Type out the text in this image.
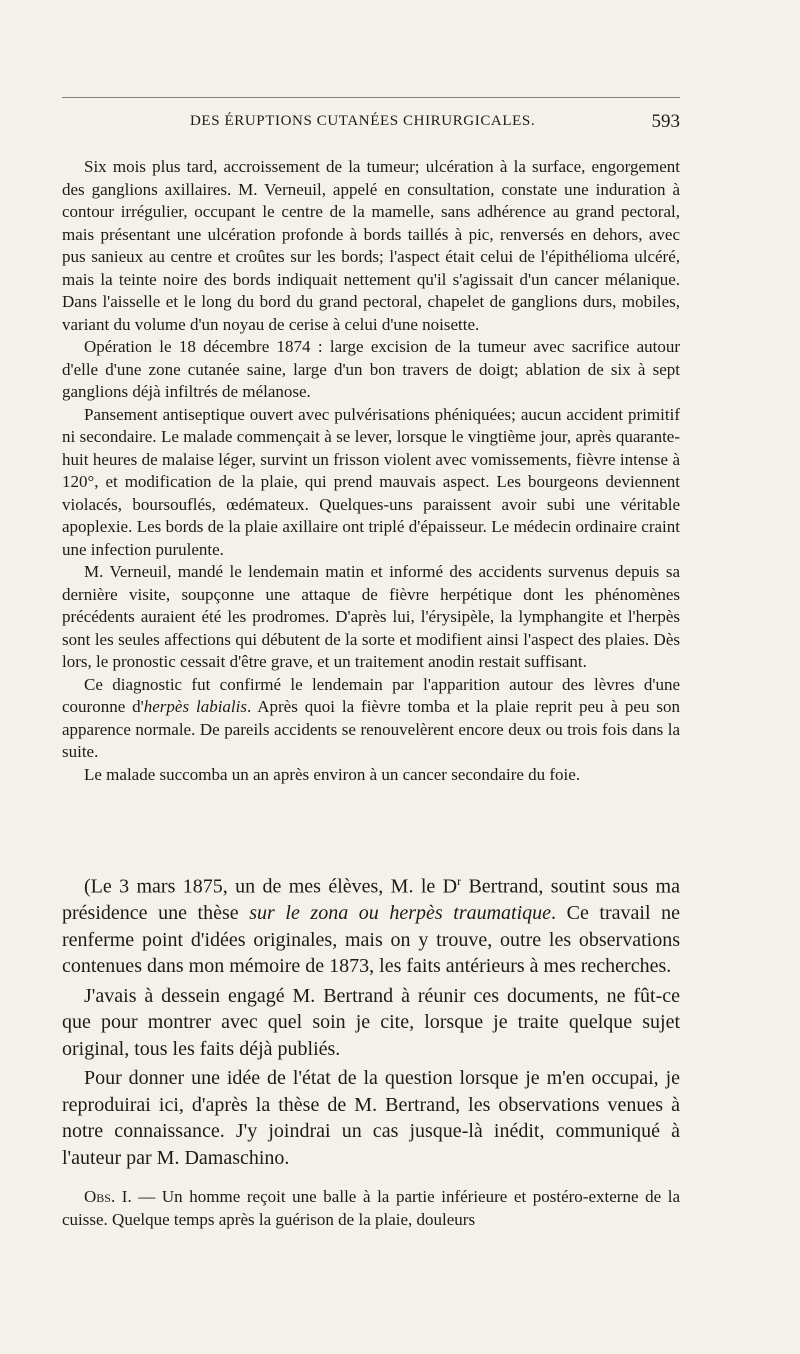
DES ÉRUPTIONS CUTANÉES CHIRURGICALES.	593

Six mois plus tard, accroissement de la tumeur; ulcération à la surface, engorgement des ganglions axillaires. M. Verneuil, appelé en consultation, constate une induration à contour irrégulier, occupant le centre de la mamelle, sans adhérence au grand pectoral, mais présentant une ulcération profonde à bords taillés à pic, renversés en dehors, avec pus sanieux au centre et croûtes sur les bords; l'aspect était celui de l'épithélioma ulcéré, mais la teinte noire des bords indiquait nettement qu'il s'agissait d'un cancer mélanique. Dans l'aisselle et le long du bord du grand pectoral, chapelet de ganglions durs, mobiles, variant du volume d'un noyau de cerise à celui d'une noisette.

Opération le 18 décembre 1874 : large excision de la tumeur avec sacrifice autour d'elle d'une zone cutanée saine, large d'un bon travers de doigt; ablation de six à sept ganglions déjà infiltrés de mélanose.

Pansement antiseptique ouvert avec pulvérisations phéniquées; aucun accident primitif ni secondaire. Le malade commençait à se lever, lorsque le vingtième jour, après quarante-huit heures de malaise léger, survint un frisson violent avec vomissements, fièvre intense à 120°, et modification de la plaie, qui prend mauvais aspect. Les bourgeons deviennent violacés, boursouflés, œdémateux. Quelques-uns paraissent avoir subi une véritable apoplexie. Les bords de la plaie axillaire ont triplé d'épaisseur. Le médecin ordinaire craint une infection purulente.

M. Verneuil, mandé le lendemain matin et informé des accidents survenus depuis sa dernière visite, soupçonne une attaque de fièvre herpétique dont les phénomènes précédents auraient été les prodromes. D'après lui, l'érysipèle, la lymphangite et l'herpès sont les seules affections qui débutent de la sorte et modifient ainsi l'aspect des plaies. Dès lors, le pronostic cessait d'être grave, et un traitement anodin restait suffisant.

Ce diagnostic fut confirmé le lendemain par l'apparition autour des lèvres d'une couronne d'herpès labialis. Après quoi la fièvre tomba et la plaie reprit peu à peu son apparence normale. De pareils accidents se renouvelèrent encore deux ou trois fois dans la suite.

Le malade succomba un an après environ à un cancer secondaire du foie.

(Le 3 mars 1875, un de mes élèves, M. le $D^r$ Bertrand, soutint sous ma présidence une thèse sur le zona ou herpès traumatique. Ce travail ne renferme point d'idées originales, mais on y trouve, outre les observations contenues dans mon mémoire de 1873, les faits antérieurs à mes recherches.

J'avais à dessein engagé M. Bertrand à réunir ces documents, ne fût-ce que pour montrer avec quel soin je cite, lorsque je traite quelque sujet original, tous les faits déjà publiés.

Pour donner une idée de l'état de la question lorsque je m'en occupai, je reproduirai ici, d'après la thèse de M. Bertrand, les observations venues à notre connaissance. J'y joindrai un cas jusque-là inédit, communiqué à l'auteur par M. Damaschino.

Obs. I. — Un homme reçoit une balle à la partie inférieure et postéro-externe de la cuisse. Quelque temps après la guérison de la plaie, douleurs
